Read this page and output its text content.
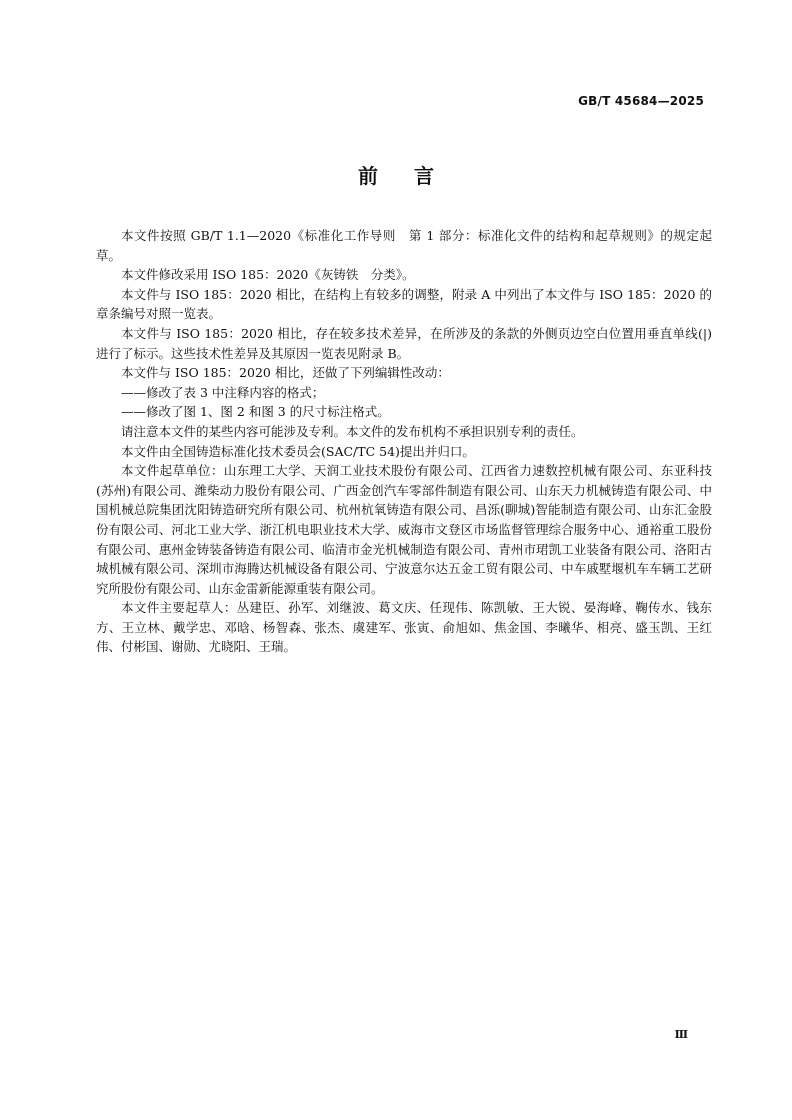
GB/T 45684—2025
前言

本文件按照 GB/T 1.1—2020《标准化工作导则　第 1 部分：标准化文件的结构和起草规则》的规定起草。

本文件修改采用 ISO 185：2020《灰铸铁　分类》。

本文件与 ISO 185：2020 相比，在结构上有较多的调整，附录 A 中列出了本文件与 ISO 185：2020 的章条编号对照一览表。

本文件与 ISO 185：2020 相比，存在较多技术差异，在所涉及的条款的外侧页边空白位置用垂直单线(|)进行了标示。这些技术性差异及其原因一览表见附录 B。

本文件与 ISO 185：2020 相比，还做了下列编辑性改动：

——修改了表 3 中注释内容的格式；

——修改了图 1、图 2 和图 3 的尺寸标注格式。

请注意本文件的某些内容可能涉及专利。本文件的发布机构不承担识别专利的责任。

本文件由全国铸造标准化技术委员会(SAC/TC 54)提出并归口。

本文件起草单位：山东理工大学、天润工业技术股份有限公司、江西省力速数控机械有限公司、东亚科技(苏州)有限公司、潍柴动力股份有限公司、广西金创汽车零部件制造有限公司、山东天力机械铸造有限公司、中国机械总院集团沈阳铸造研究所有限公司、杭州杭氧铸造有限公司、昌泺(聊城)智能制造有限公司、山东汇金股份有限公司、河北工业大学、浙江机电职业技术大学、威海市文登区市场监督管理综合服务中心、通裕重工股份有限公司、惠州金铸装备铸造有限公司、临清市金光机械制造有限公司、青州市珺凯工业装备有限公司、洛阳古城机械有限公司、深圳市海腾达机械设备有限公司、宁波意尔达五金工贸有限公司、中车戚墅堰机车车辆工艺研究所股份有限公司、山东金雷新能源重装有限公司。

本文件主要起草人：丛建臣、孙军、刘继波、葛文庆、任现伟、陈凯敏、王大锐、晏海峰、鞠传水、钱东方、王立林、戴学忠、邓晗、杨智森、张杰、虞建军、张寅、俞旭如、焦金国、李曦华、相亮、盛玉凯、王红伟、付彬国、谢勋、尤晓阳、王瑞。

Ⅲ
